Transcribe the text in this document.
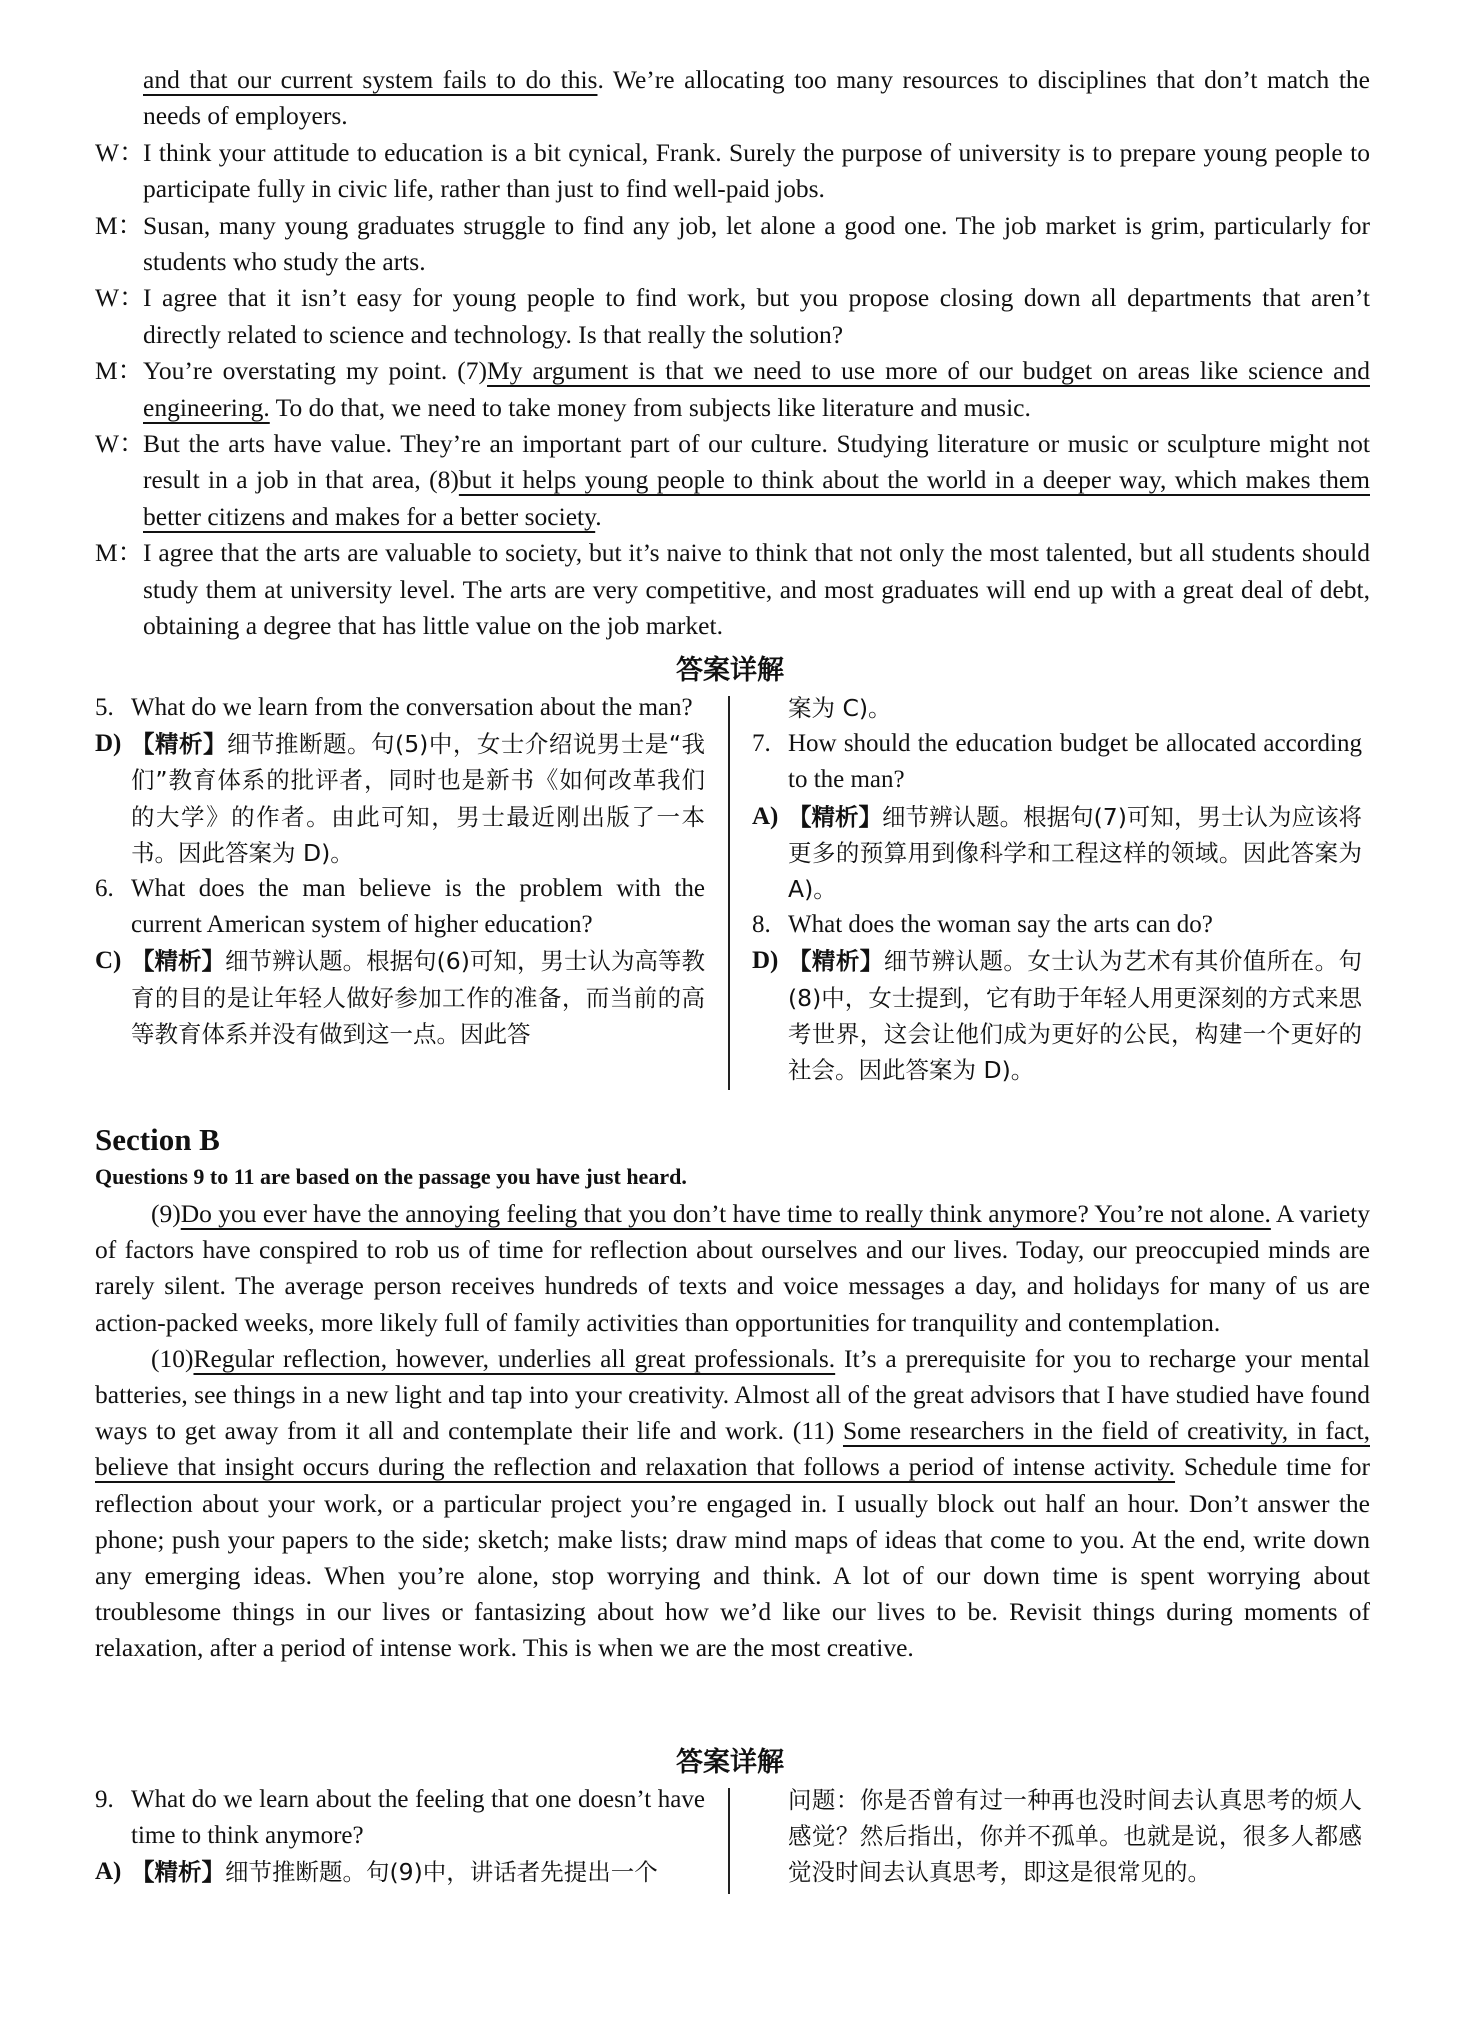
and that our current system fails to do this. We’re allocating too many resources to disciplines that don’t match the needs of employers.
W：
I think your attitude to education is a bit cynical, Frank. Surely the purpose of university is to prepare young people to participate fully in civic life, rather than just to find well-paid jobs.
M： Susan, many young graduates struggle to find any job, let alone a good one. The job market is grim, particularly for students who study the arts.
W：
I agree that it isn’t easy for young people to find work, but you propose closing down all departments that aren’t directly related to science and technology. Is that really the solution?
M： You’re overstating my point. (7)My argument is that we need to use more of our budget on areas like science and engineering. To do that, we need to take money from subjects like literature and music.
W：
But the arts have value. They’re an important part of our culture. Studying literature or music or sculpture might not result in a job in that area, (8)but it helps young people to think about the world in a deeper way, which makes them better citizens and makes for a better society.
M： I agree that the arts are valuable to society, but it’s naive to think that not only the most talented, but all students should study them at university level. The arts are very competitive, and most graduates will end up with a great deal of debt, obtaining a degree that has little value on the job market.
答案详解
5. What do we learn from the conversation about the man?
D) 【精析】细节推断题。句(5)中，女士介绍说男士是“我们”教育体系的批评者，同时也是新书《如何改革我们的大学》的作者。由此可知，男士最近刚出版了一本书。因此答案为 D)。
6. What does the man believe is the problem with the current American system of higher education?
C) 【精析】细节辨认题。根据句(6)可知，男士认为高等教育的目的是让年轻人做好参加工作的准备，而当前的高等教育体系并没有做到这一点。因此答
案为 C)。
7. How should the education budget be allocated according to the man?
A) 【精析】细节辨认题。根据句(7)可知，男士认为应该将更多的预算用到像科学和工程这样的领域。因此答案为 A)。
8. What does the woman say the arts can do?
D) 【精析】细节辨认题。女士认为艺术有其价值所在。句(8)中，女士提到，它有助于年轻人用更深刻的方式来思考世界，这会让他们成为更好的公民，构建一个更好的社会。因此答案为 D)。
Section B
Questions 9 to 11 are based on the passage you have just heard.

(9)Do you ever have the annoying feeling that you don’t have time to really think anymore? You’re not alone. A variety of factors have conspired to rob us of time for reflection about ourselves and our lives. Today, our preoccupied minds are rarely silent. The average person receives hundreds of texts and voice messages a day, and holidays for many of us are action-packed weeks, more likely full of family activities than opportunities for tranquility and contemplation.

(10)Regular reflection, however, underlies all great professionals. It’s a prerequisite for you to recharge your mental batteries, see things in a new light and tap into your creativity. Almost all of the great advisors that I have studied have found ways to get away from it all and contemplate their life and work. (11) Some researchers in the field of creativity, in fact, believe that insight occurs during the reflection and relaxation that follows a period of intense activity. Schedule time for reflection about your work, or a particular project you’re engaged in. I usually block out half an hour. Don’t answer the phone; push your papers to the side; sketch; make lists; draw mind maps of ideas that come to you. At the end, write down any emerging ideas. When you’re alone, stop worrying and think. A lot of our down time is spent worrying about troublesome things in our lives or fantasizing about how we’d like our lives to be. Revisit things during moments of relaxation, after a period of intense work. This is when we are the most creative.

答案详解
9. What do we learn about the feeling that one doesn’t have time to think anymore?
A) 【精析】细节推断题。句(9)中，讲话者先提出一个
问题：你是否曾有过一种再也没时间去认真思考的烦人感觉？然后指出，你并不孤单。也就是说，很多人都感觉没时间去认真思考，即这是很常见的。
